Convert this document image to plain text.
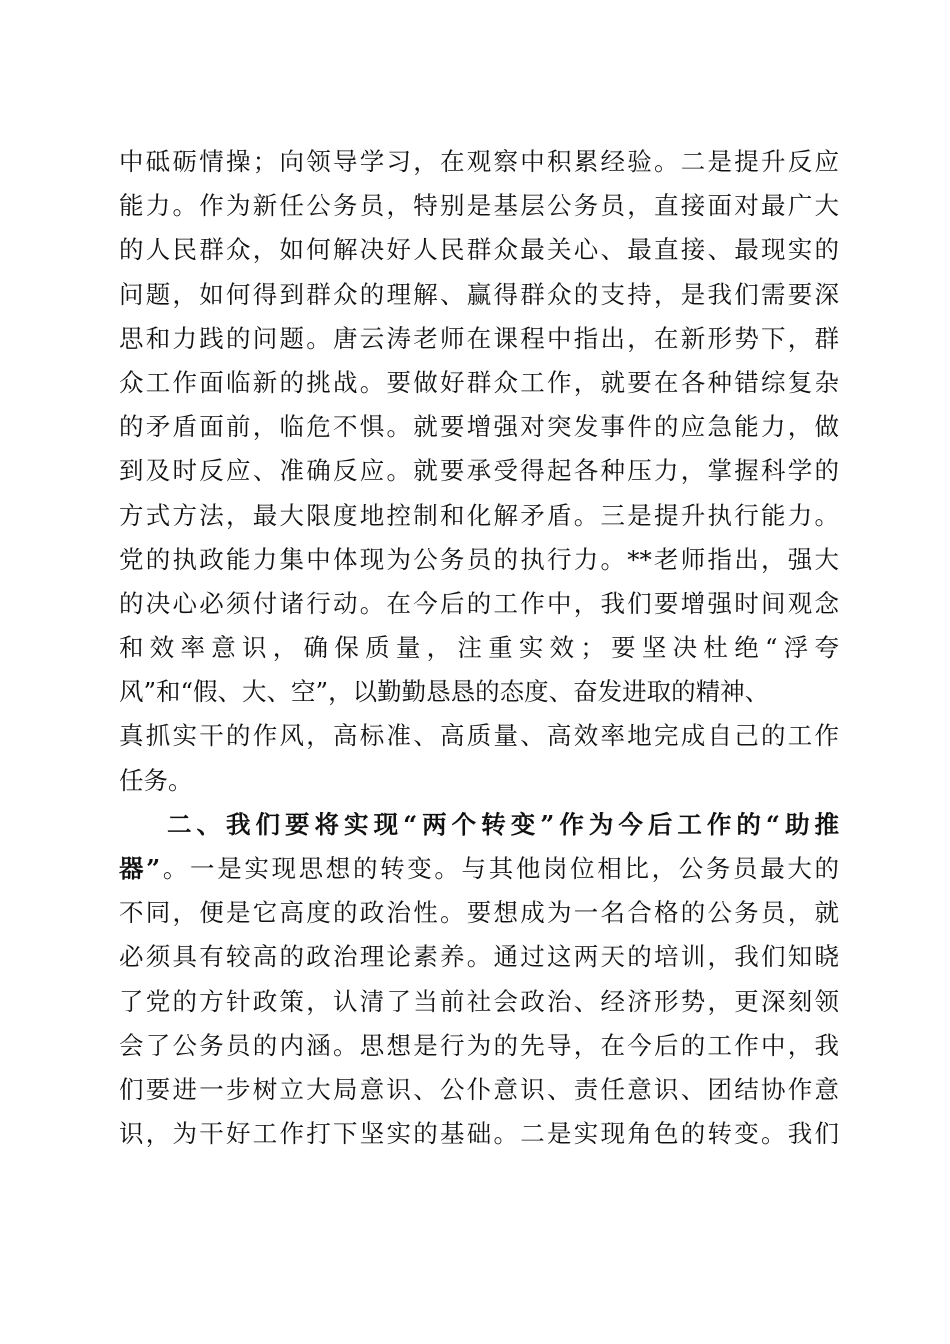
中砥砺情操；向领导学习，在观察中积累经验。二是提升反应
能力。作为新任公务员，特别是基层公务员，直接面对最广大
的人民群众，如何解决好人民群众最关心、最直接、最现实的
问题，如何得到群众的理解、赢得群众的支持，是我们需要深
思和力践的问题。唐云涛老师在课程中指出，在新形势下，群
众工作面临新的挑战。要做好群众工作，就要在各种错综复杂
的矛盾面前，临危不惧。就要增强对突发事件的应急能力，做
到及时反应、准确反应。就要承受得起各种压力，掌握科学的
方式方法，最大限度地控制和化解矛盾。三是提升执行能力。
党的执政能力集中体现为公务员的执行力。**老师指出，强大
的决心必须付诸行动。在今后的工作中，我们要增强时间观念
和效率意识，确保质量，注重实效；要坚决杜绝“浮夸
风”和“假、大、空”，以勤勤恳恳的态度、奋发进取的精神、
真抓实干的作风，高标准、高质量、高效率地完成自己的工作
任务。
二、我们要将实现“两个转变”作为今后工作的“助推
器”。一是实现思想的转变。与其他岗位相比，公务员最大的
不同，便是它高度的政治性。要想成为一名合格的公务员，就
必须具有较高的政治理论素养。通过这两天的培训，我们知晓
了党的方针政策，认清了当前社会政治、经济形势，更深刻领
会了公务员的内涵。思想是行为的先导，在今后的工作中，我
们要进一步树立大局意识、公仆意识、责任意识、团结协作意
识，为干好工作打下坚实的基础。二是实现角色的转变。我们
